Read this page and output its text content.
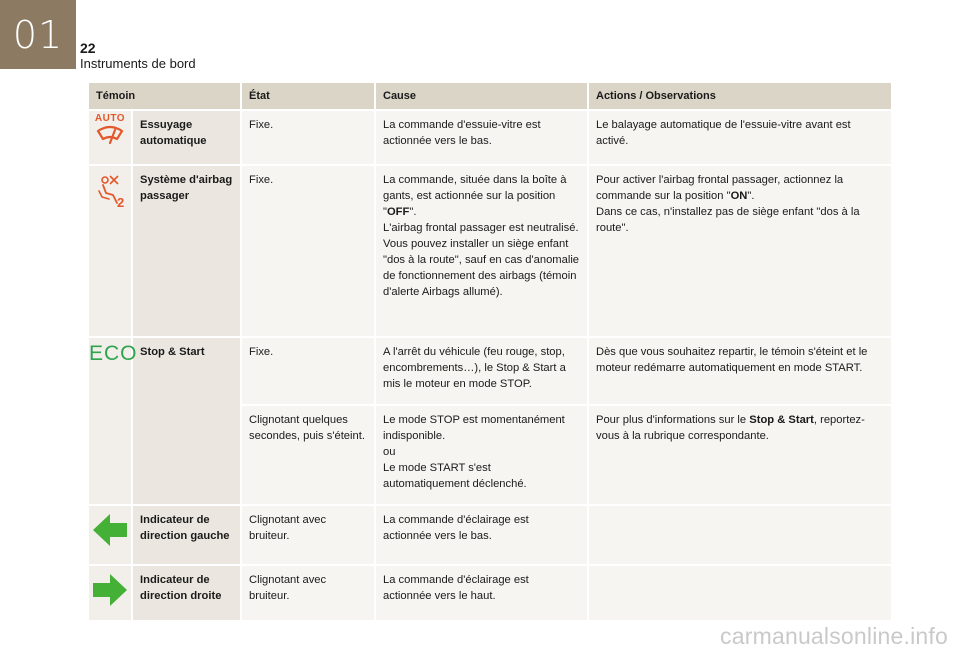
01	22
Instruments de bord
Témoin		État	Cause	Actions / Observations

AUTO	Essuyage automatique	Fixe.	La commande d'essuie-vitre est actionnée vers le bas.	Le balayage automatique de l'essuie-vitre avant est activé.

2	Système d'airbag passager	Fixe.	La commande, située dans la boîte à gants, est actionnée sur la position "OFF".
L'airbag frontal passager est neutralisé.
Vous pouvez installer un siège enfant "dos à la route", sauf en cas d'anomalie de fonctionnement des airbags (témoin d'alerte Airbags allumé).	Pour activer l'airbag frontal passager, actionnez la commande sur la position "ON".
Dans ce cas, n'installez pas de siège enfant "dos à la route".
ECO	Stop & Start	Fixe.	A l'arrêt du véhicule (feu rouge, stop, encombrements…), le Stop & Start a mis le moteur en mode STOP.	Dès que vous souhaitez repartir, le témoin s'éteint et le moteur redémarre automatiquement en mode START.
		Clignotant quelques secondes, puis s'éteint.	Le mode STOP est momentanément indisponible.
ou
Le mode START s'est automatiquement déclenché.	Pour plus d'informations sur le Stop & Start, reportez-vous à la rubrique correspondante.
	Indicateur de direction gauche	Clignotant avec bruiteur.	La commande d'éclairage est actionnée vers le bas.	
	Indicateur de direction droite	Clignotant avec bruiteur.	La commande d'éclairage est actionnée vers le haut.	
carmanualsonline.info
